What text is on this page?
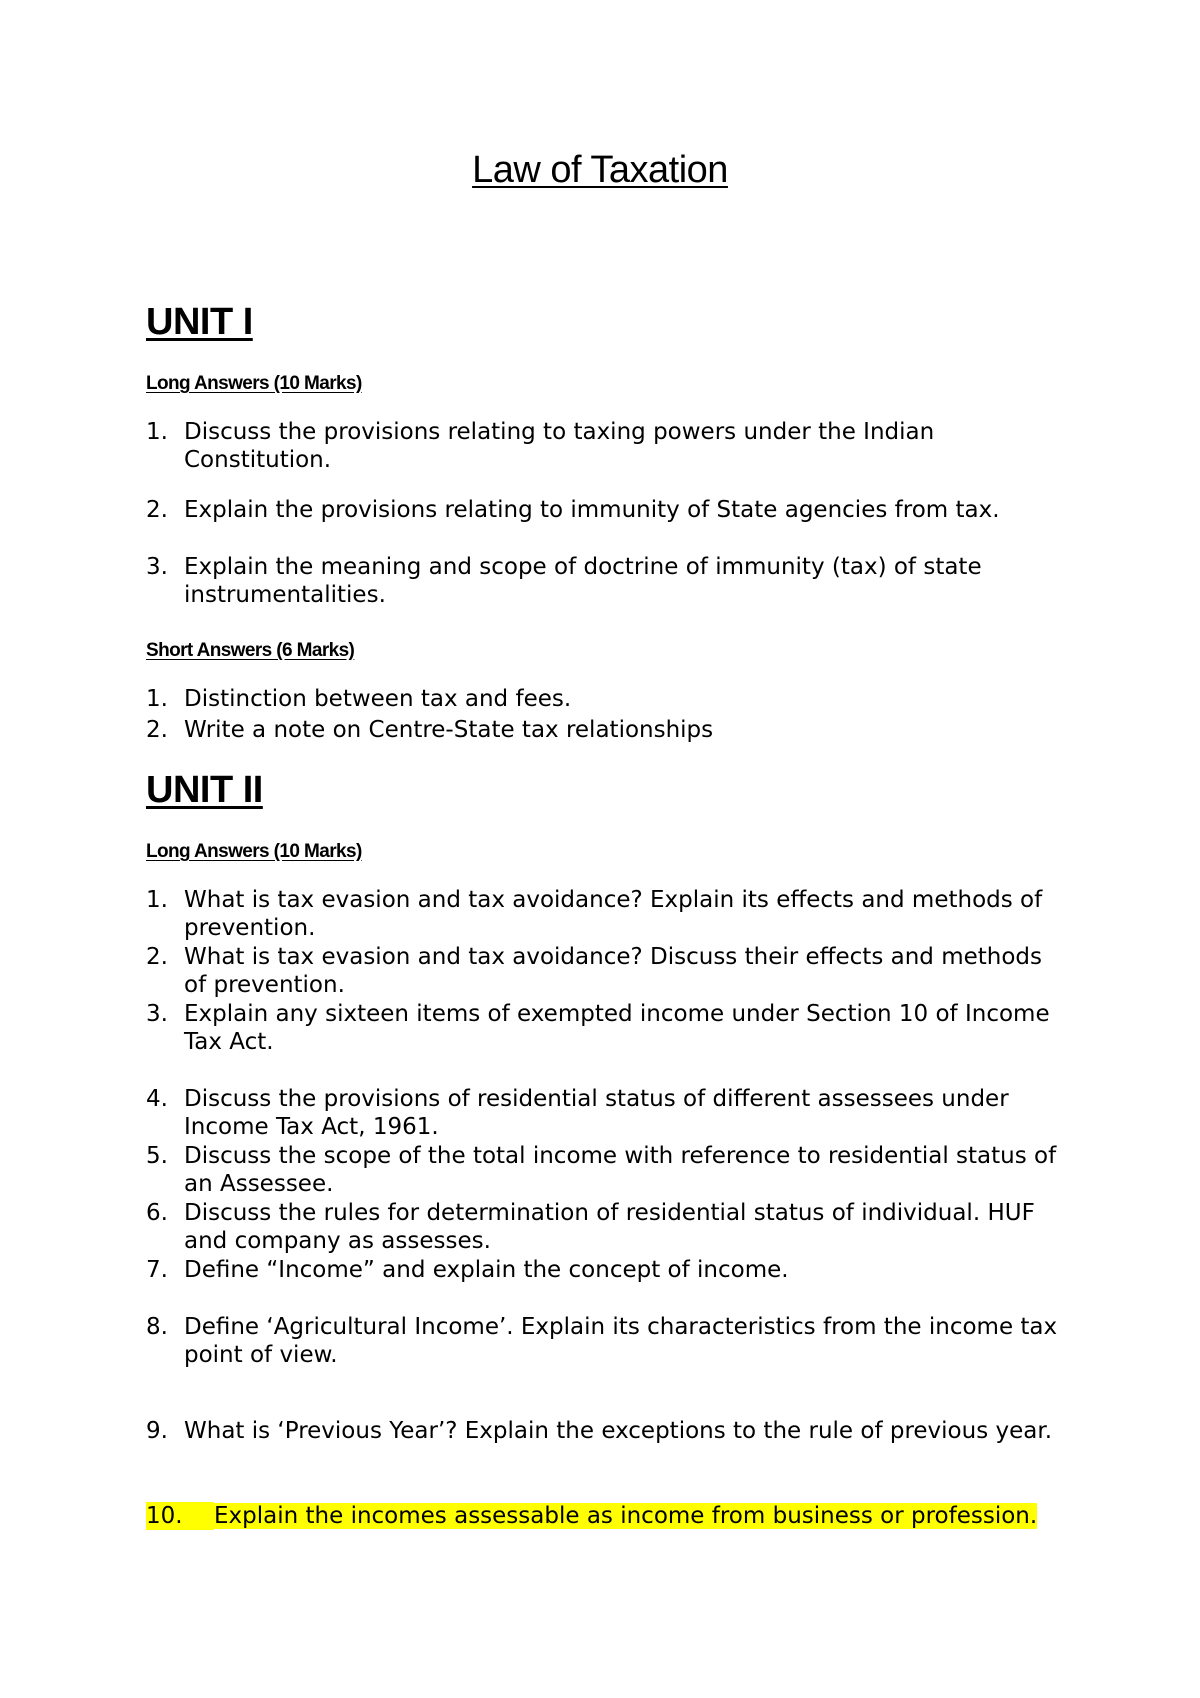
Law of Taxation
UNIT I
Long Answers (10 Marks)
1. Discuss the provisions relating to taxing powers under the Indian Constitution.
2. Explain the provisions relating to immunity of State agencies from tax.
3. Explain the meaning and scope of doctrine of immunity (tax) of state instrumentalities.
Short Answers (6 Marks)
1. Distinction between tax and fees.
2. Write a note on Centre-State tax relationships
UNIT II
Long Answers (10 Marks)
1. What is tax evasion and tax avoidance? Explain its effects and methods of prevention.
2. What is tax evasion and tax avoidance? Discuss their effects and methods of prevention.
3. Explain any sixteen items of exempted income under Section 10 of Income Tax Act.
4. Discuss the provisions of residential status of different assessees under Income Tax Act, 1961.
5. Discuss the scope of the total income with reference to residential status of an Assessee.
6. Discuss the rules for determination of residential status of individual. HUF and company as assesses.
7. Define “Income” and explain the concept of income.
8. Define ‘Agricultural Income’. Explain its characteristics from the income tax point of view.
9. What is ‘Previous Year’? Explain the exceptions to the rule of previous year.
10.	Explain the incomes assessable as income from business or profession.
